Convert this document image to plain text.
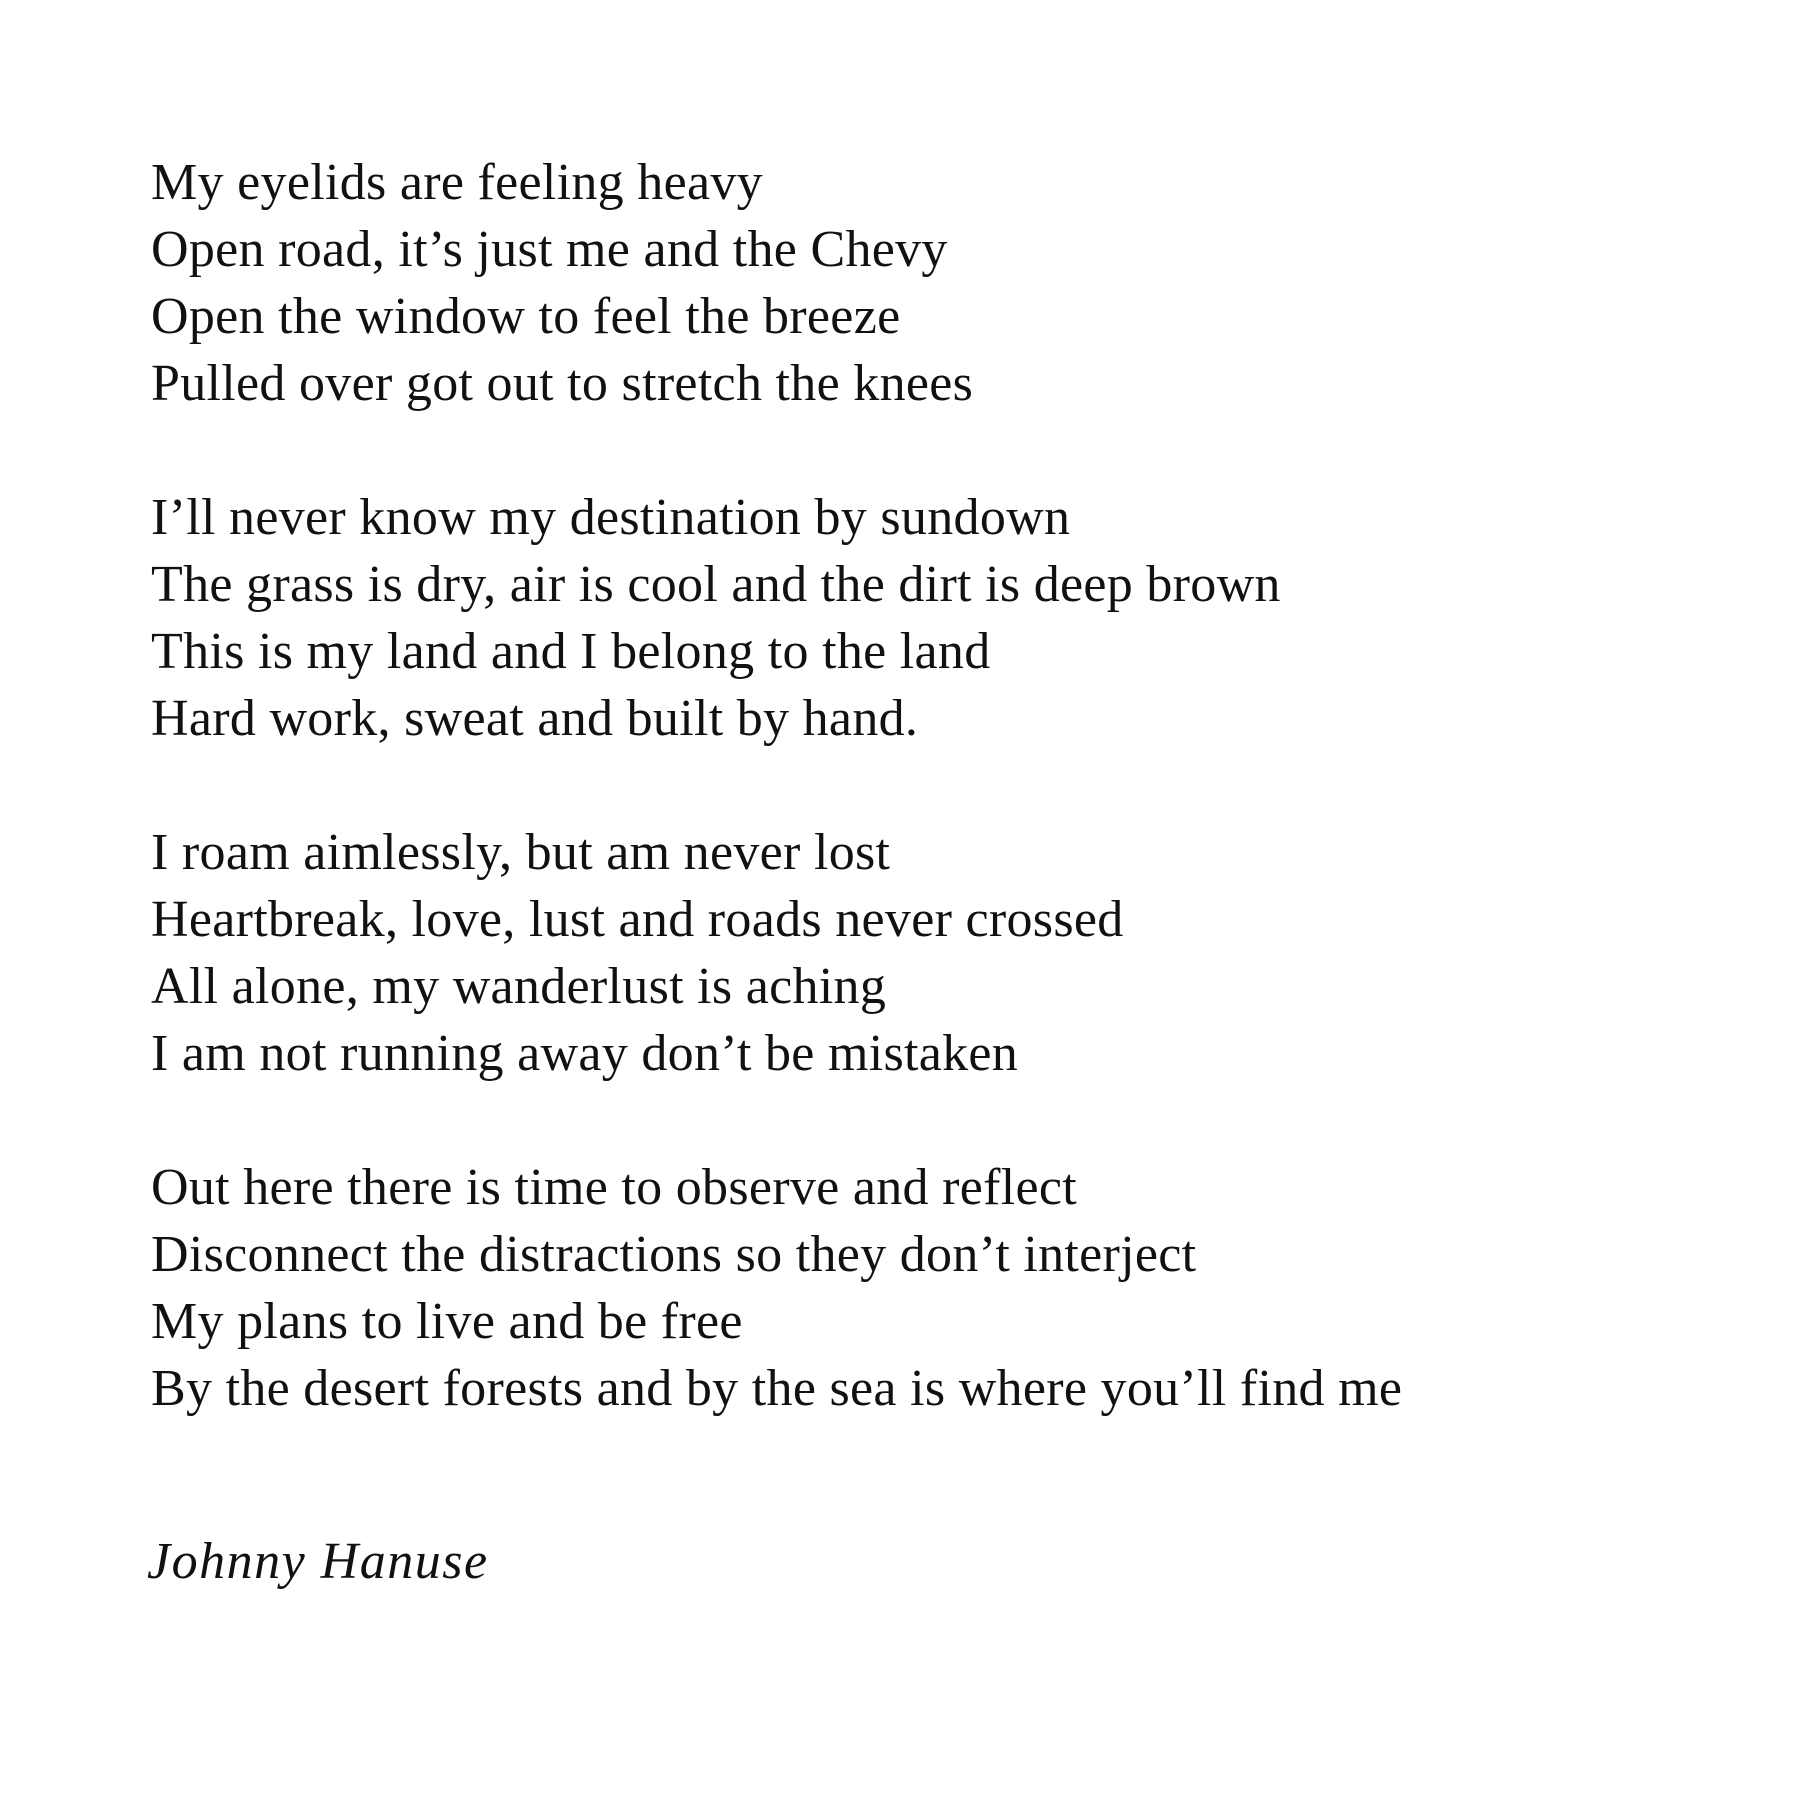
My eyelids are feeling heavy
Open road, it’s just me and the Chevy
Open the window to feel the breeze
Pulled over got out to stretch the knees
I’ll never know my destination by sundown
The grass is dry, air is cool and the dirt is deep brown
This is my land and I belong to the land
Hard work, sweat and built by hand.
I roam aimlessly, but am never lost
Heartbreak, love, lust and roads never crossed
All alone, my wanderlust is aching
I am not running away don’t be mistaken
Out here there is time to observe and reflect
Disconnect the distractions so they don’t interject
My plans to live and be free
By the desert forests and by the sea is where you’ll find me
Johnny Hanuse
